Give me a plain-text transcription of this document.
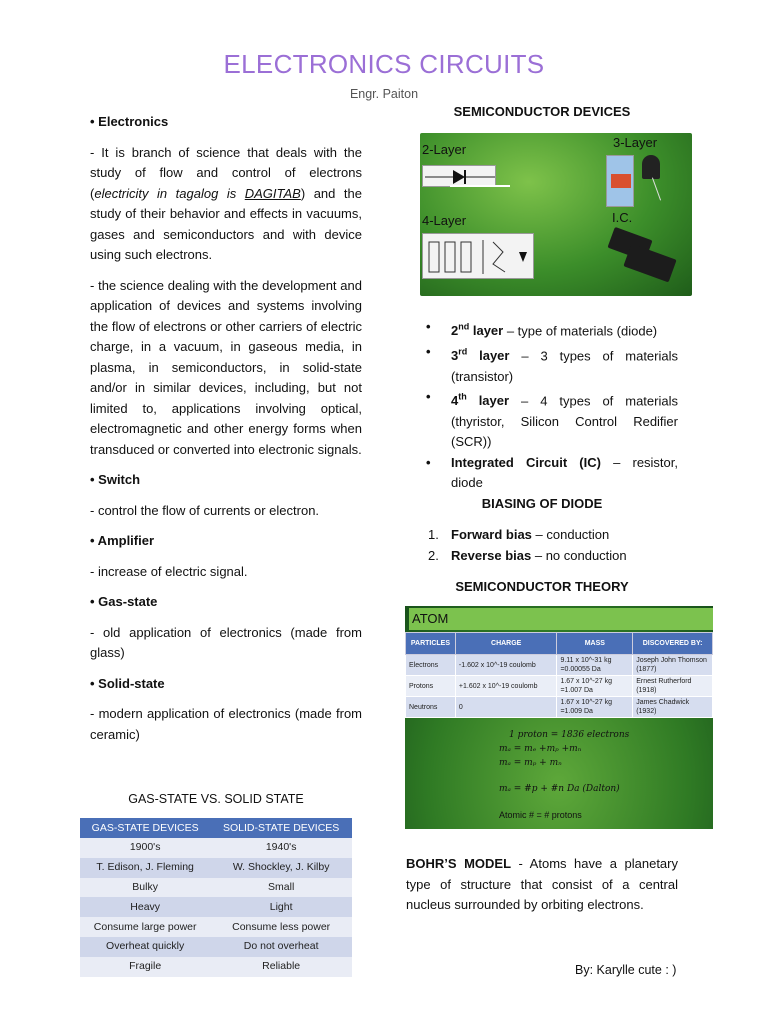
ELECTRONICS CIRCUITS
Engr. Paiton
• Electronics
- It is branch of science that deals with the study of flow and control of electrons (electricity in tagalog is DAGITAB) and the study of their behavior and effects in vacuums, gases and semiconductors and with device using such electrons.
- the science dealing with the development and application of devices and systems involving the flow of electrons or other carriers of electric charge, in a vacuum, in gaseous media, in plasma, in semiconductors, in solid-state and/or in similar devices, including, but not limited to, applications involving optical, electromagnetic and other energy forms when transduced or converted into electronic signals.
• Switch
- control the flow of currents or electron.
• Amplifier
- increase of electric signal.
• Gas-state
- old application of electronics (made from glass)
• Solid-state
- modern application of electronics (made from ceramic)
GAS-STATE VS. SOLID STATE
GAS-STATE DEVICES	SOLID-STATE DEVICES
1900's	1940's
T. Edison, J. Fleming	W. Shockley, J. Kilby
Bulky	Small
Heavy	Light
Consume large power	Consume less power
Overheat quickly	Do not overheat
Fragile	Reliable
SEMICONDUCTOR DEVICES
2-Layer	3-Layer
4-Layer	I.C.
• 2nd layer – type of materials (diode)
• 3rd layer – 3 types of materials (transistor)
• 4th layer – 4 types of materials (thyristor, Silicon Control Redifier (SCR))
• Integrated Circuit (IC) – resistor, diode
BIASING OF DIODE
1. Forward bias – conduction
2. Reverse bias – no conduction
SEMICONDUCTOR THEORY
ATOM
PARTICLES	CHARGE	MASS	DISCOVERED BY:
Electrons	-1.602 x 10^-19 coulomb	9.11 x 10^-31 kg =0.00055 Da	Joseph John Thomson (1877)
Protons	+1.602 x 10^-19 coulomb	1.67 x 10^-27 kg =1.007 Da	Ernest Rutherford (1918)
Neutrons	0	1.67 x 10^-27 kg =1.009 Da	James Chadwick (1932)
1 proton = 1836 electrons
mₐ = mₑ +mₚ +mₙ
mₐ = mₚ + mₙ
mₐ = #p + #n Da (Dalton)
Atomic # = # protons
BOHR’S MODEL - Atoms have a planetary type of structure that consist of a central nucleus surrounded by orbiting electrons.
By: Karylle cute : )
